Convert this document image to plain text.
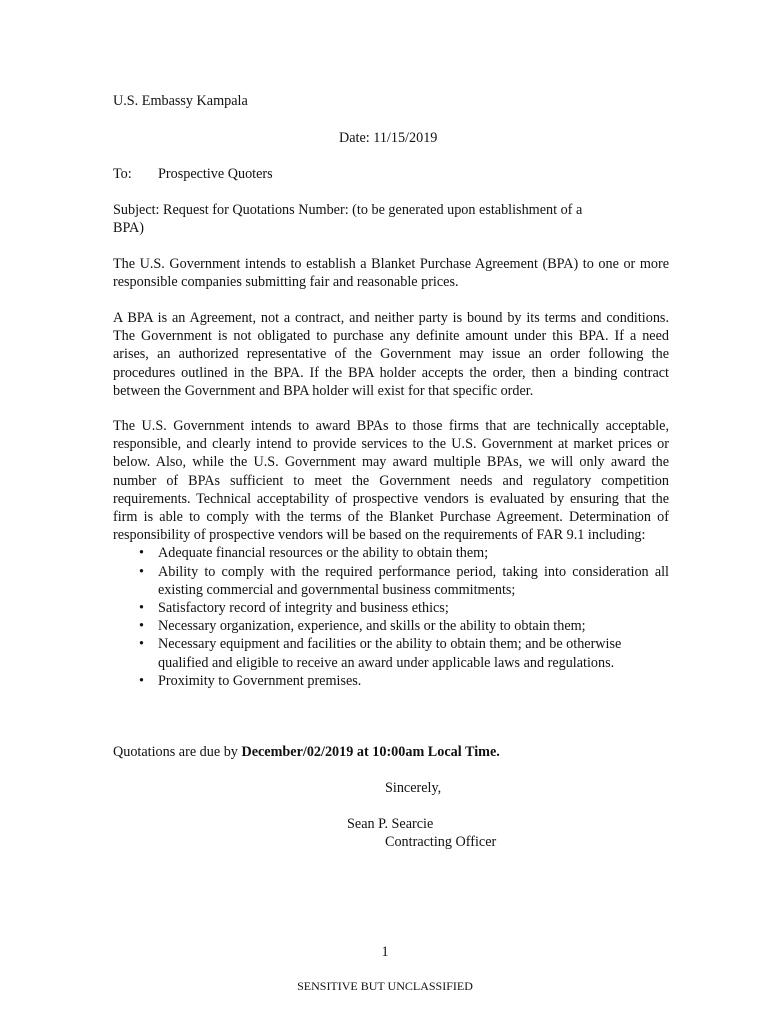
U.S. Embassy Kampala
Date: 11/15/2019
To: Prospective Quoters
Subject: Request for Quotations Number: (to be generated upon establishment of a BPA)
The U.S. Government intends to establish a Blanket Purchase Agreement (BPA) to one or more responsible companies submitting fair and reasonable prices.
A BPA is an Agreement, not a contract, and neither party is bound by its terms and conditions. The Government is not obligated to purchase any definite amount under this BPA. If a need arises, an authorized representative of the Government may issue an order following the procedures outlined in the BPA. If the BPA holder accepts the order, then a binding contract between the Government and BPA holder will exist for that specific order.
The U.S. Government intends to award BPAs to those firms that are technically acceptable, responsible, and clearly intend to provide services to the U.S. Government at market prices or below. Also, while the U.S. Government may award multiple BPAs, we will only award the number of BPAs sufficient to meet the Government needs and regulatory competition requirements. Technical acceptability of prospective vendors is evaluated by ensuring that the firm is able to comply with the terms of the Blanket Purchase Agreement. Determination of responsibility of prospective vendors will be based on the requirements of FAR 9.1 including:
• Adequate financial resources or the ability to obtain them;
• Ability to comply with the required performance period, taking into consideration all existing commercial and governmental business commitments;
• Satisfactory record of integrity and business ethics;
• Necessary organization, experience, and skills or the ability to obtain them;
• Necessary equipment and facilities or the ability to obtain them; and be otherwise qualified and eligible to receive an award under applicable laws and regulations.
• Proximity to Government premises.
Quotations are due by December/02/2019 at 10:00am Local Time.
Sincerely,
Sean P. Searcie
Contracting Officer
1
SENSITIVE BUT UNCLASSIFIED
